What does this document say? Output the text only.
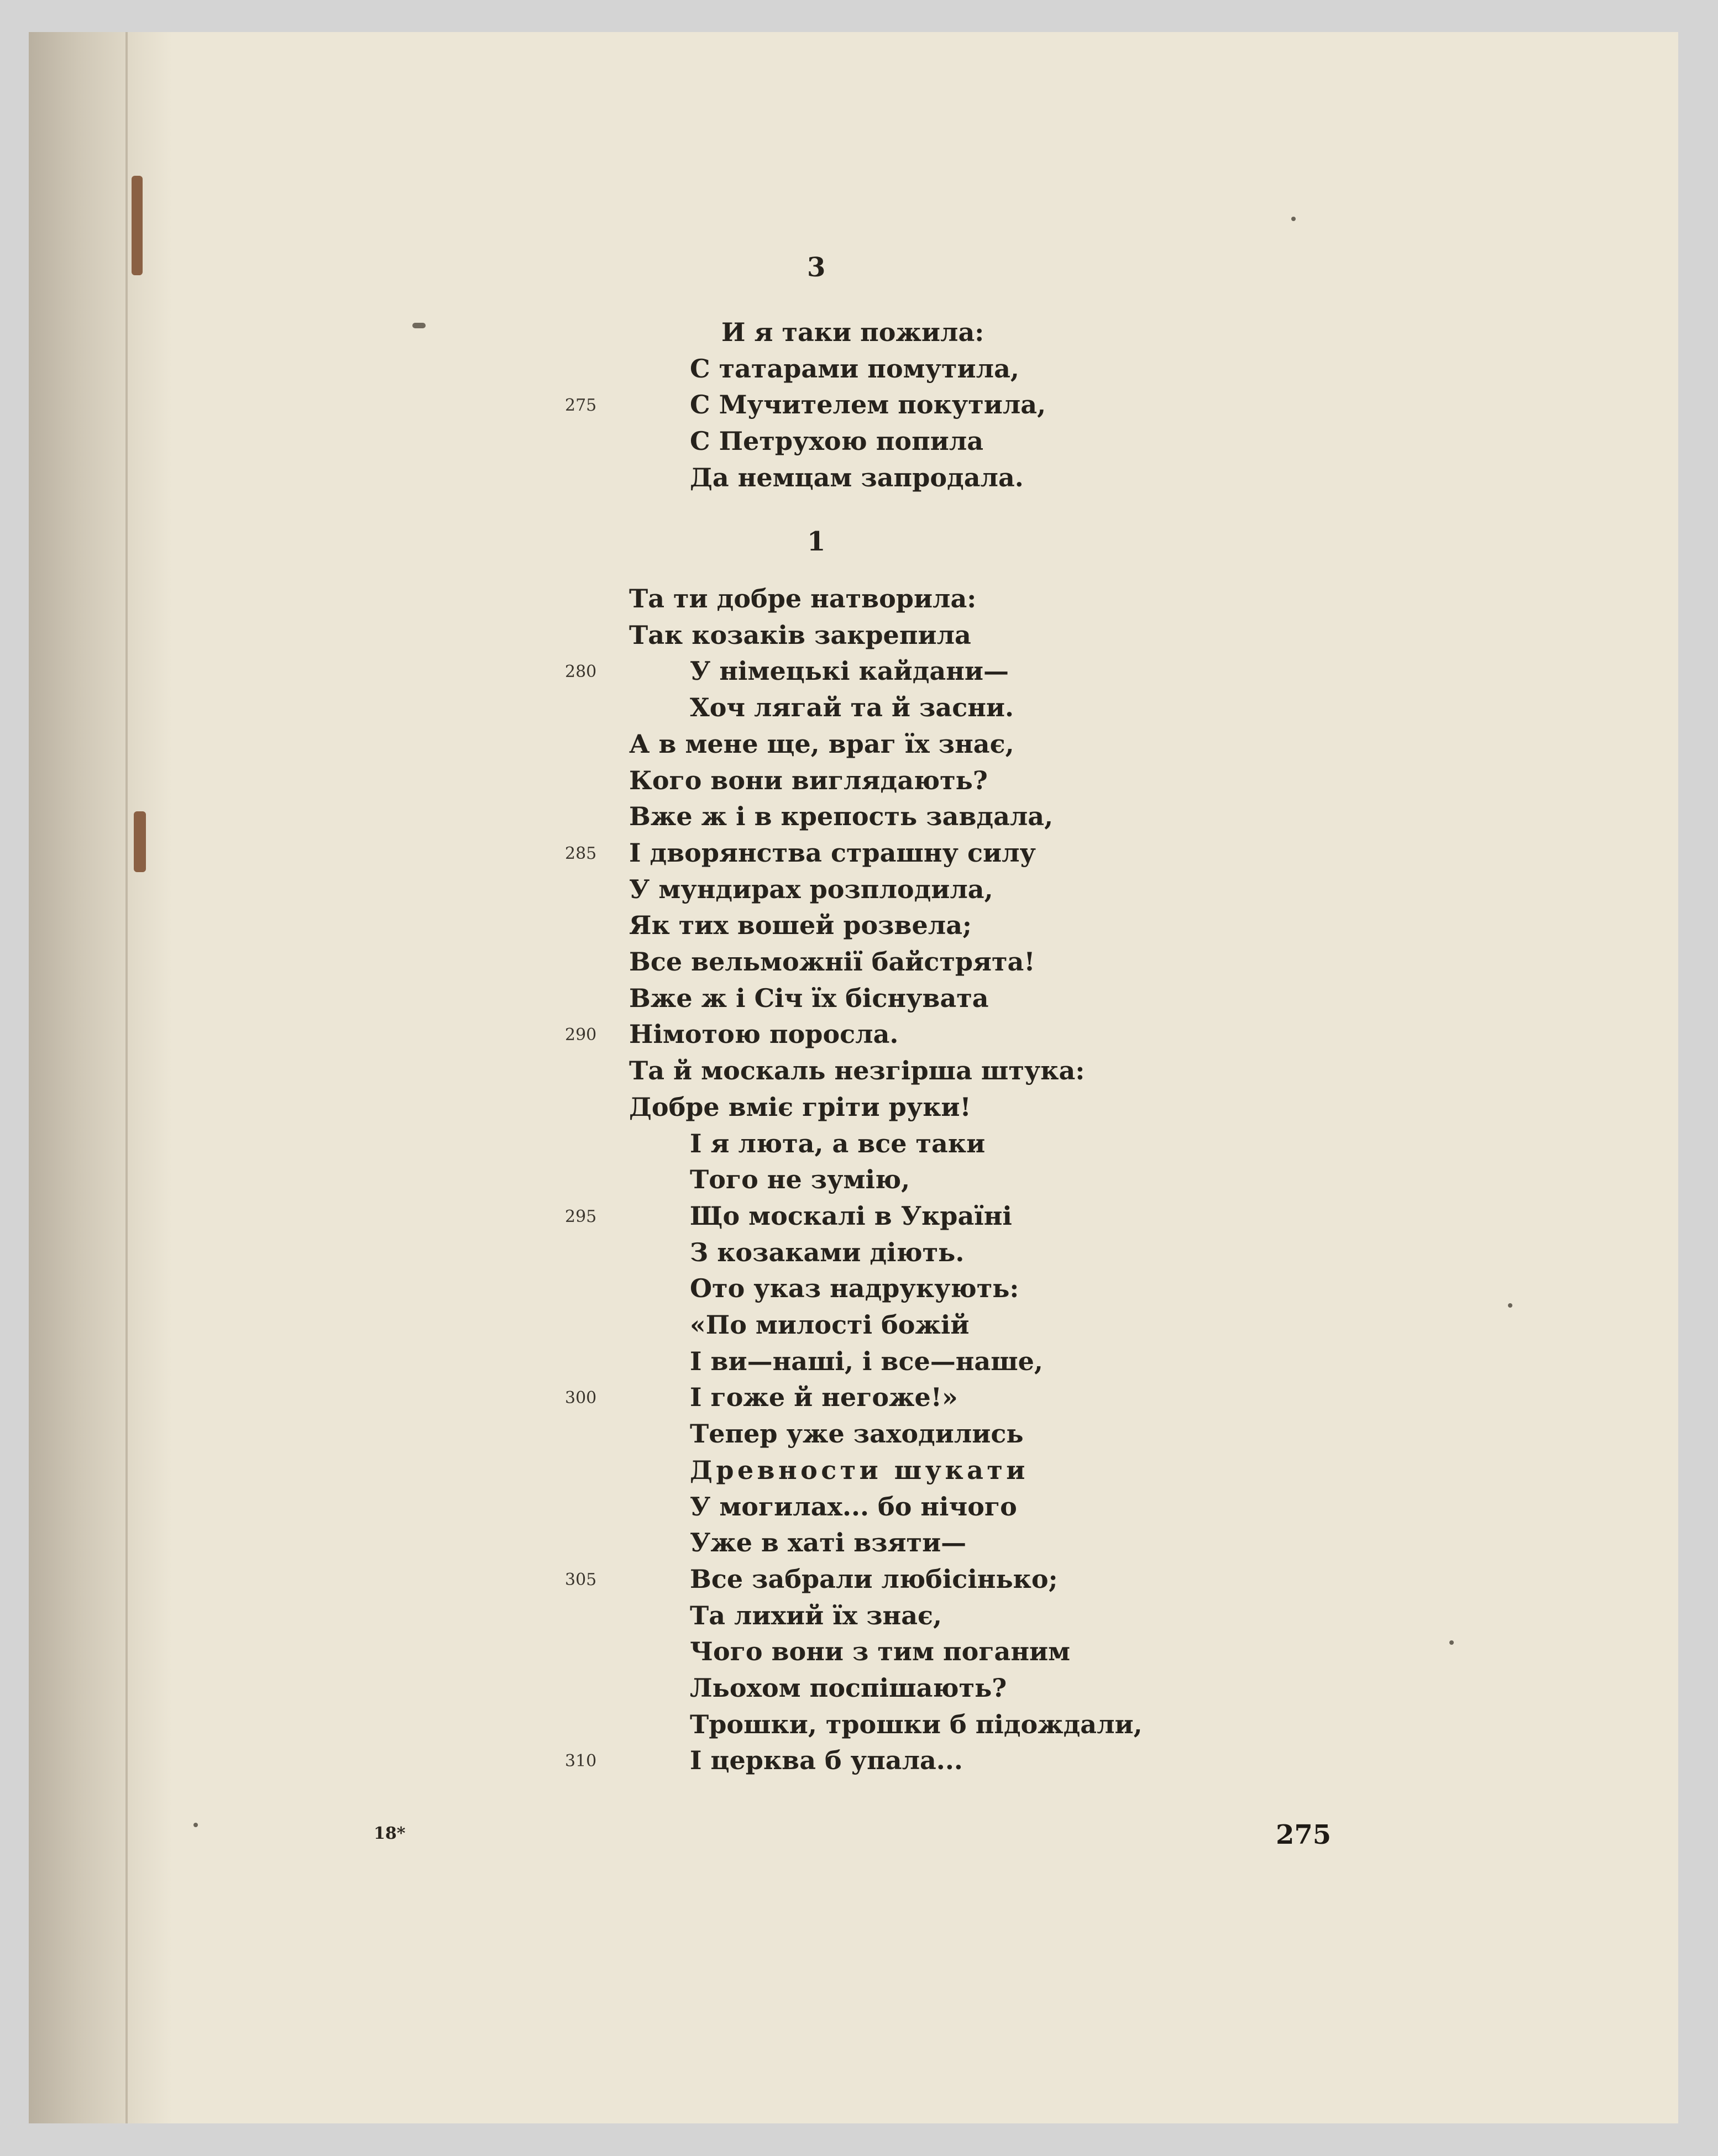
3
И я таки пожила:
С татарами помутила,
С Мучителем покутила,
275
С Петрухою попила
Да немцам запродала.
1
Та ти добре натворила:
Так козаків закрепила
У німецькі кайдани—
280
Хоч лягай та й засни.
А в мене ще, враг їх знає,
Кого вони виглядають?
Вже ж і в крепость завдала,
І дворянства страшну силу
285
У мундирах розплодила,
Як тих вошей розвела;
Все вельможнії байстрята!
Вже ж і Січ їх біснувата
Німотою поросла.
290
Та й москаль незгірша штука:
Добре вміє гріти руки!
І я люта, а все таки
Того не зумію,
Що москалі в Україні
295
З козаками діють.
Ото указ надрукують:
«По милості божій
І ви—наші, і все—наше,
І гоже й негоже!»
300
Тепер уже заходились
Древности шукати
У могилах... бо нічого
Уже в хаті взяти—
Все забрали любісінько;
305
Та лихий їх знає,
Чого вони з тим поганим
Льохом поспішають?
Трошки, трошки б підождали,
І церква б упала...
310
18*	275
